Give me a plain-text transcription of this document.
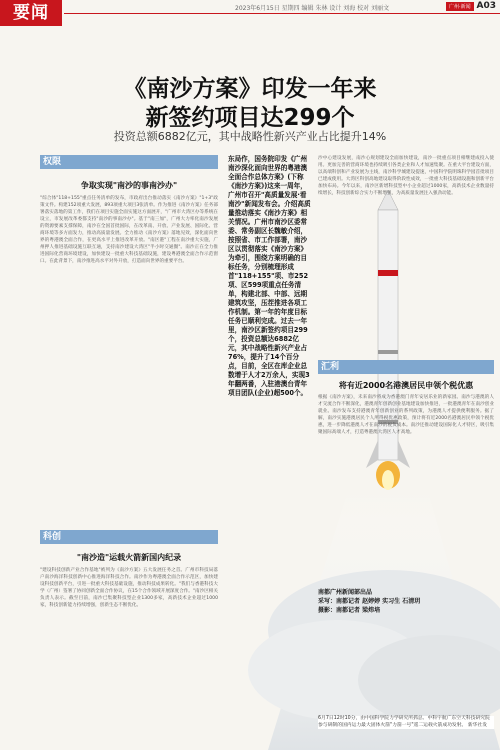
要闻	2023年6月15日 星期四 编辑 朱林 设计 刘海 校对 刘丽文	广州·新闻 A03
《南沙方案》印发一年来
新签约项目达299个
投资总额6882亿元，其中战略性新兴产业占比提升14%
权限
争取实现"南沙的事南沙办"
"综合体"118+155"重点任务清单的发布，市政府出台推动落实《南沙方案》"1+3"政策文件。构建152项重大发展，893项重大项目3张清单。作为推进《南沙方案》任务部署落实落地的第工作，我们在项目实施全面实施这方面展开，"广州市大湾区办等系统在设立，市发展改革委都支持"南沙的事南沙办"。基于"南三加"，广州大力率化南沙发展的资源要素支撑保障，南沙在全国首批国际，在改革南、开放、产业发展、国际化、营商环境等多方面发力，推动高质量发展。全力推动《南沙方案》落地见效，深化面向世界的粤港澳全面合作，在更高水平上推进改革开放。"南区港"工程在南沙重大实施，广州押人推进基础设施互联互通，支持南沙建设大湾区"半小时交通圈"。南沙正在全力推进国际化营商环境建设，加快建设一批重大科技基础设施，建设粤港澳全面合作示范窗口。在此背景下，南沙推进高水平对外开放，打造面向世界的重要平台。
科创
"南沙造"运载火箭新国内纪录
"建设科技创新产业合作基地"被列为《南沙方案》五大发展任务之首。广州市科技局落户南沙海洋科技创新中心推进海洋科技合作。南沙作为粤港澳全面合作示范区，加快建设科技创新平台，引进一批重大科技基础设施，推动科技成果转化。"我们与香港科技大学（广州）签署了协同创新全面合作协议，在15个合作领域开展深度合作。"南沙区相关负责人表示。截至目前，南沙已集聚科技型企业1300多家，高新技术企业超过1000家，科技创新能力持续增强，创新生态不断优化。
东局作，国务院印发《广州南沙深化面向世界的粤港澳全面合作总体方案》(下称《南沙方案》)这来一周年，广州市召开"高质量发展·看南沙"新闻发布会。介绍高质量推动落实《南沙方案》相关情况。广州市南沙区委常委、常务副区长魏敏介绍，按照省、市工作部署，南沙区以贯彻落实《南沙方案》为牵引，围绕方案明确的目标任务，分别梳理形成首"118+155"项、市252项、区599项重点任务清单，构建北部、中部、远期建筑攻坚，压茬推进各项工作机制。第一年的年度目标任务已顺利完成。过去一年里，南沙区新签约项目299个，投资总额达6882亿元，其中战略性新兴产业占76%，提升了14个百分点，目前，全区在库企业总数增于人才2万余人，实现3年翻两番，入驻港澳台青年项目团队(企业)超500个。
沙中心建设发展，南沙心规划建设全面加快建设，南沙一批重点项目相继建成投入使用。更加完善的营商环境也持续吸引各类企业和人才加速集聚。在重大平台建设方面，以高端科创和产业发展为主线，南沙科学城建设提速，中国科学院明珠科学园首批项目已建成使用。大湾区科创高地建设取得阶段性成效，一批重大科技基础设施和创新平台加快布局。今年以来，南沙区新增科技型中小企业超过1000家，高新技术企业数量持续增长，科技创新综合实力不断增强，为高质量发展注入强劲动能。
汇利
将有近2000名港澳居民申领个税优惠
根据《南沙方案》，未来南沙将成为香港澳门青年安居乐业的新家园。南沙与港澳的人才交流合作不断深化，港澳青年创新创业基地建设加快推进，一批港澳青年在南沙创业就业。南沙发布支持港澳青年创新创业的系列政策，为港澳人才提供便利服务。据了解，南沙实施港澳居民个人所得税优惠政策，预计将有近2000名港澳居民申领个税优惠，进一步降低港澳人才在南沙的税负成本。南沙还推动建设国际化人才特区，吸引集聚国际高端人才，打造粤港澳大湾区人才高地。
南都广州新闻部出品
采写：南都记者 赵婷婷 实习生 石清玥
摄影：南都记者 梁炜培
6月7日12时10分，由中国科学院力学研究所抓总、中科宇航广东空天科技研究院参与研制的国内运力最大固体火箭"力箭一号"遥二运载火箭成功发射。 新华社发
